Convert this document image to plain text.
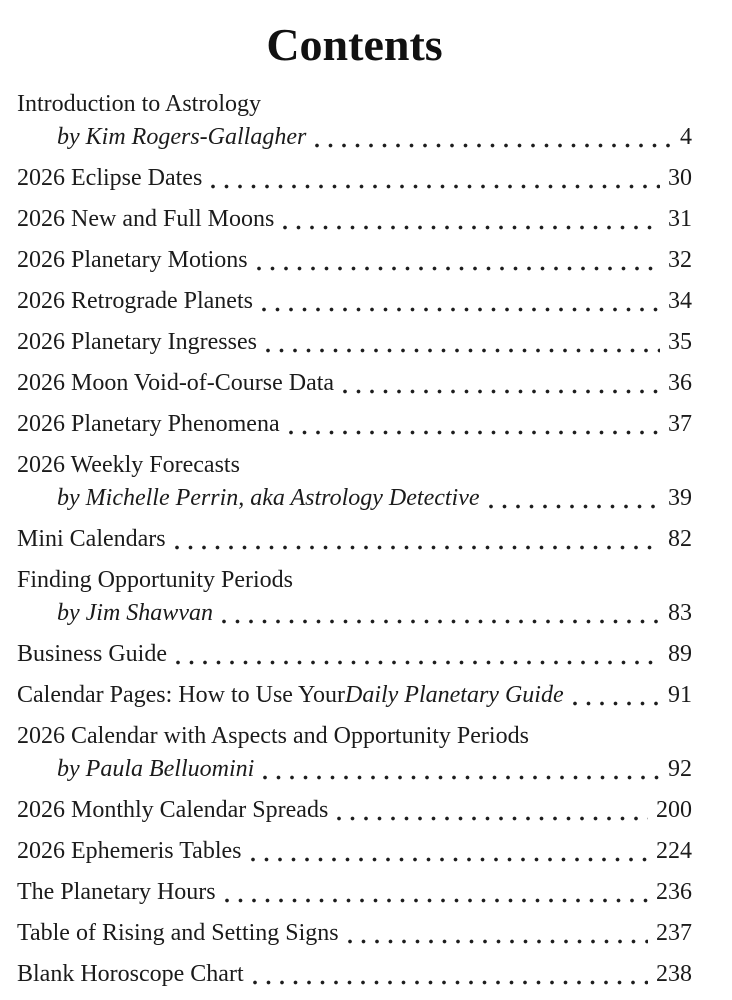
Contents
Introduction to Astrology
by Kim Rogers-Gallagher	4
2026 Eclipse Dates	30
2026 New and Full Moons	31
2026 Planetary Motions	32
2026 Retrograde Planets	34
2026 Planetary Ingresses	35
2026 Moon Void-of-Course Data	36
2026 Planetary Phenomena	37
2026 Weekly Forecasts
by Michelle Perrin, aka Astrology Detective	39
Mini Calendars	82
Finding Opportunity Periods
by Jim Shawvan	83
Business Guide	89
Calendar Pages: How to Use Your Daily Planetary Guide	91
2026 Calendar with Aspects and Opportunity Periods
by Paula Belluomini	92
2026 Monthly Calendar Spreads	200
2026 Ephemeris Tables	224
The Planetary Hours	236
Table of Rising and Setting Signs	237
Blank Horoscope Chart	238
